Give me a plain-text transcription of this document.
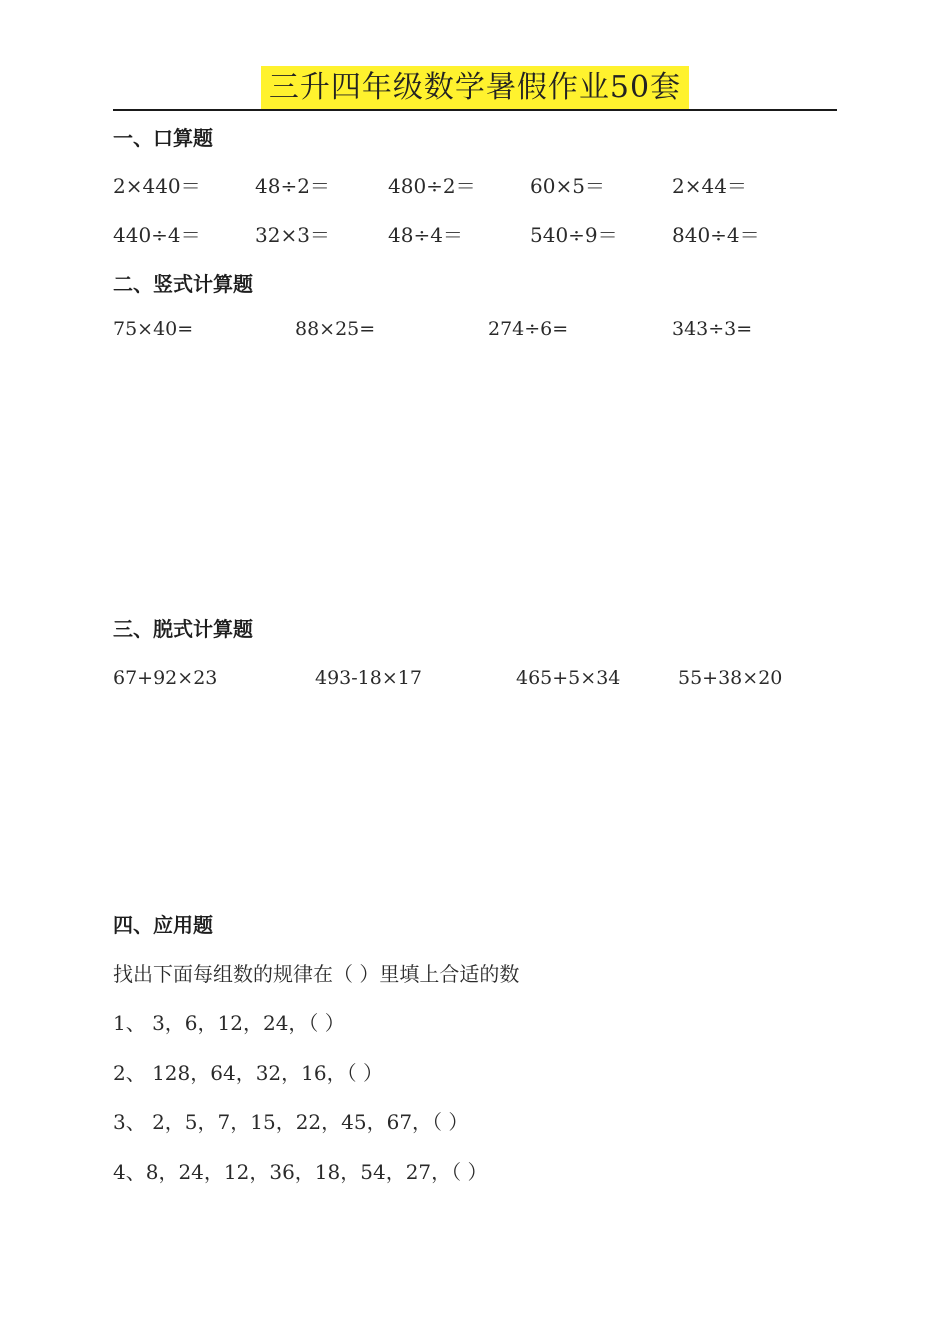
三升四年级数学暑假作业50套
一、口算题
2×440＝	48÷2＝	480÷2＝	60×5＝	2×44＝
440÷4＝	32×3＝	48÷4＝	540÷9＝	840÷4＝
二、竖式计算题
75×40=	88×25=	274÷6=	343÷3=
三、脱式计算题
67+92×23	493-18×17	465+5×34	55+38×20
四、应用题
找出下面每组数的规律在（ ）里填上合适的数
1、 3，6，12，24，（ ）
2、 128，64，32，16，（ ）
3、 2，5，7，15，22，45，67，（ ）
4、8，24，12，36，18，54，27，（ ）
